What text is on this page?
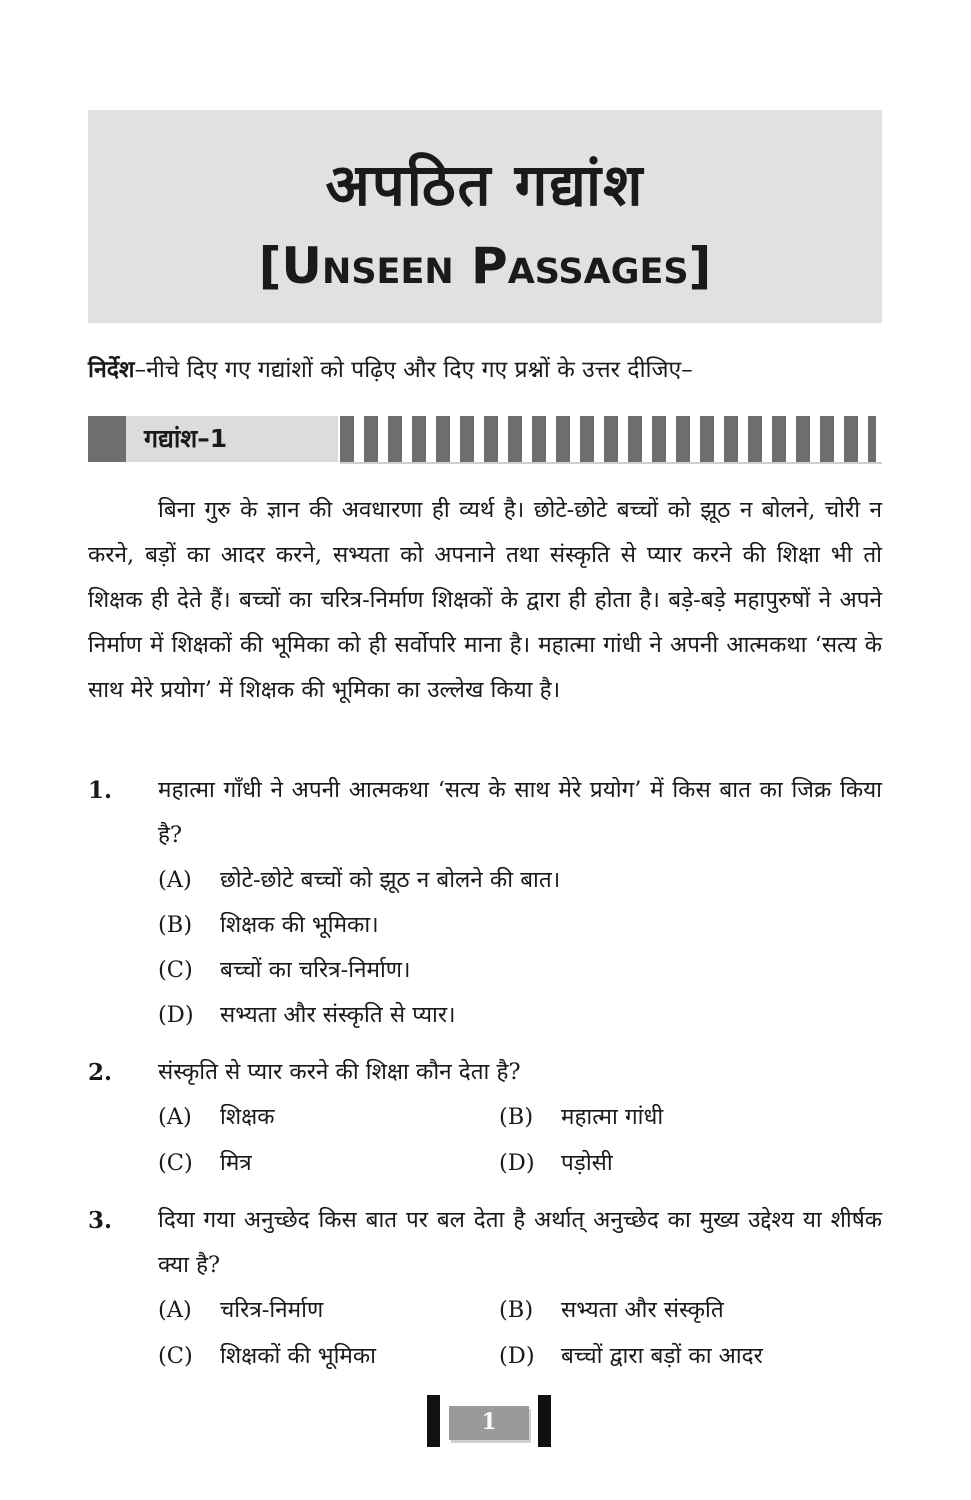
अपठित गद्यांश
[Unseen Passages]
निर्देश–नीचे दिए गए गद्यांशों को पढ़िए और दिए गए प्रश्नों के उत्तर दीजिए–
गद्यांश–1
बिना गुरु के ज्ञान की अवधारणा ही व्यर्थ है। छोटे-छोटे बच्चों को झूठ न बोलने, चोरी न करने, बड़ों का आदर करने, सभ्यता को अपनाने तथा संस्कृति से प्यार करने की शिक्षा भी तो शिक्षक ही देते हैं। बच्चों का चरित्र-निर्माण शिक्षकों के द्वारा ही होता है। बड़े-बड़े महापुरुषों ने अपने निर्माण में शिक्षकों की भूमिका को ही सर्वोपरि माना है। महात्मा गांधी ने अपनी आत्मकथा ‘सत्य के साथ मेरे प्रयोग’ में शिक्षक की भूमिका का उल्लेख किया है।
1. महात्मा गाँधी ने अपनी आत्मकथा ‘सत्य के साथ मेरे प्रयोग’ में किस बात का जिक्र किया है?
(A) छोटे-छोटे बच्चों को झूठ न बोलने की बात।
(B) शिक्षक की भूमिका।
(C) बच्चों का चरित्र-निर्माण।
(D) सभ्यता और संस्कृति से प्यार।
2. संस्कृति से प्यार करने की शिक्षा कौन देता है?
(A) शिक्षक	(B) महात्मा गांधी
(C) मित्र	(D) पड़ोसी
3. दिया गया अनुच्छेद किस बात पर बल देता है अर्थात् अनुच्छेद का मुख्य उद्देश्य या शीर्षक क्या है?
(A) चरित्र-निर्माण	(B) सभ्यता और संस्कृति
(C) शिक्षकों की भूमिका	(D) बच्चों द्वारा बड़ों का आदर
1
